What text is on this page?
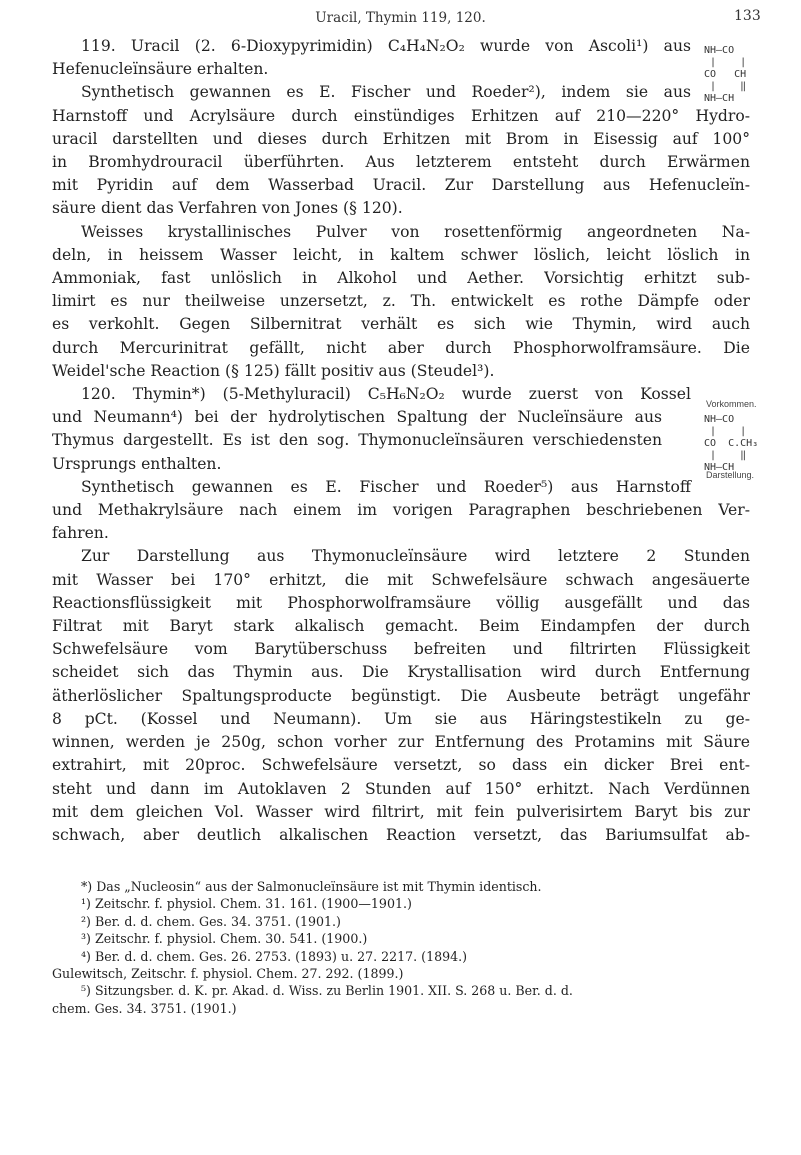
Uracil, Thymin 119, 120.	133
NH—CO
|    |
CO   CH
|    ‖
NH—CH
Vorkommen.
NH—CO
|    |
CO  C.CH₃
|    ‖
NH—CH
Darstellung.
119. Uracil (2. 6-Dioxypyrimidin) C₄H₄N₂O₂ wurde von Ascoli¹) aus
Hefenucleïnsäure erhalten.
Synthetisch gewannen es E. Fischer und Roeder²), indem sie aus
Harnstoff und Acrylsäure durch einstündiges Erhitzen auf 210—220° Hydro-
uracil darstellten und dieses durch Erhitzen mit Brom in Eisessig auf 100°
in Bromhydrouracil überführten. Aus letzterem entsteht durch Erwärmen
mit Pyridin auf dem Wasserbad Uracil. Zur Darstellung aus Hefenucleïn-
säure dient das Verfahren von Jones (§ 120).
Weisses krystallinisches Pulver von rosettenförmig angeordneten Na-
deln, in heissem Wasser leicht, in kaltem schwer löslich, leicht löslich in
Ammoniak, fast unlöslich in Alkohol und Aether. Vorsichtig erhitzt sub-
limirt es nur theilweise unzersetzt, z. Th. entwickelt es rothe Dämpfe oder
es verkohlt. Gegen Silbernitrat verhält es sich wie Thymin, wird auch
durch Mercurinitrat gefällt, nicht aber durch Phosphorwolframsäure. Die
Weidel'sche Reaction (§ 125) fällt positiv aus (Steudel³).
120. Thymin*) (5-Methyluracil) C₅H₆N₂O₂ wurde zuerst von Kossel
und Neumann⁴) bei der hydrolytischen Spaltung der Nucleïnsäure aus
Thymus dargestellt. Es ist den sog. Thymonucleïnsäuren verschiedensten
Ursprungs enthalten.
Synthetisch gewannen es E. Fischer und Roeder⁵) aus Harnstoff
und Methakrylsäure nach einem im vorigen Paragraphen beschriebenen Ver-
fahren.
Zur Darstellung aus Thymonucleïnsäure wird letztere 2 Stunden
mit Wasser bei 170° erhitzt, die mit Schwefelsäure schwach angesäuerte
Reactionsflüssigkeit mit Phosphorwolframsäure völlig ausgefällt und das
Filtrat mit Baryt stark alkalisch gemacht. Beim Eindampfen der durch
Schwefelsäure vom Barytüberschuss befreiten und filtrirten Flüssigkeit
scheidet sich das Thymin aus. Die Krystallisation wird durch Entfernung
ätherlöslicher Spaltungsproducte begünstigt. Die Ausbeute beträgt ungefähr
8 pCt. (Kossel und Neumann). Um sie aus Häringstestikeln zu ge-
winnen, werden je 250g, schon vorher zur Entfernung des Protamins mit Säure
extrahirt, mit 20proc. Schwefelsäure versetzt, so dass ein dicker Brei ent-
steht und dann im Autoklaven 2 Stunden auf 150° erhitzt. Nach Verdünnen
mit dem gleichen Vol. Wasser wird filtrirt, mit fein pulverisirtem Baryt bis zur
schwach, aber deutlich alkalischen Reaction versetzt, das Bariumsulfat ab-
*) Das „Nucleosin“ aus der Salmonucleïnsäure ist mit Thymin identisch.
¹) Zeitschr. f. physiol. Chem. 31. 161. (1900—1901.)
²) Ber. d. d. chem. Ges. 34. 3751. (1901.)
³) Zeitschr. f. physiol. Chem. 30. 541. (1900.)
⁴) Ber. d. d. chem. Ges. 26. 2753. (1893) u. 27. 2217. (1894.)
Gulewitsch, Zeitschr. f. physiol. Chem. 27. 292. (1899.)
⁵) Sitzungsber. d. K. pr. Akad. d. Wiss. zu Berlin 1901. XII. S. 268 u. Ber. d. d.
chem. Ges. 34. 3751. (1901.)
